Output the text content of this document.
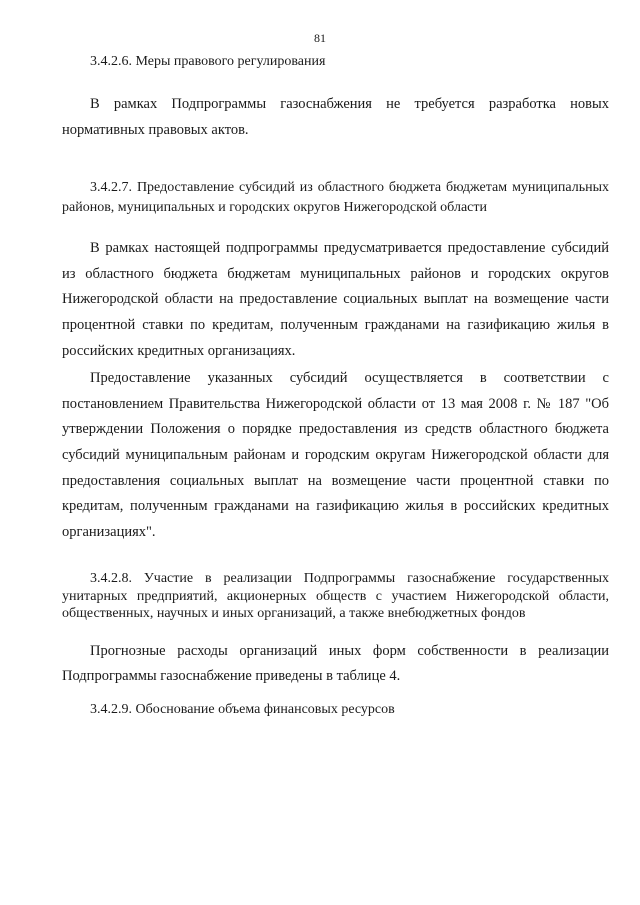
81

3.4.2.6. Меры правового регулирования

В рамках Подпрограммы газоснабжения не требуется разработка новых нормативных правовых актов.

3.4.2.7. Предоставление субсидий из областного бюджета бюджетам муниципальных районов, муниципальных и городских округов Нижегородской области

В рамках настоящей подпрограммы предусматривается предоставление субсидий из областного бюджета бюджетам муниципальных районов и городских округов Нижегородской области на предоставление социальных выплат на возмещение части процентной ставки по кредитам, полученным гражданами на газификацию жилья в российских кредитных организациях.

Предоставление указанных субсидий осуществляется в соответствии с постановлением Правительства Нижегородской области от 13 мая 2008 г. № 187 "Об утверждении Положения о порядке предоставления из средств областного бюджета субсидий муниципальным районам и городским округам Нижегородской области для предоставления социальных выплат на возмещение части процентной ставки по кредитам, полученным гражданами на газификацию жилья в российских кредитных организациях".

3.4.2.8. Участие в реализации Подпрограммы газоснабжение государственных унитарных предприятий, акционерных обществ с участием Нижегородской области, общественных, научных и иных организаций, а также внебюджетных фондов

Прогнозные расходы организаций иных форм собственности в реализации Подпрограммы газоснабжение приведены в таблице 4.

3.4.2.9. Обоснование объема финансовых ресурсов
